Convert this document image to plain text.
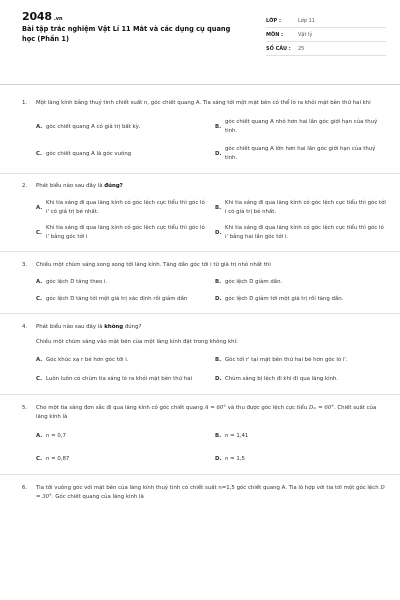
2048 .vn
Bài tập trắc nghiệm Vật Lí 11 Mắt và các dụng cụ quang học (Phần 1)
LỚP :	Lớp 11
MÔN :	Vật lý
SỐ CÂU :	25
1.	Một lăng kính bằng thuỷ tinh chiết suất n, góc chiết quang A. Tia sáng tới một mặt bên có thể ló ra khỏi mặt bên thứ hai khi
A. góc chiết quang A có giá trị bất kỳ.	B.
góc chiết quang A nhỏ hơn hai lần góc giới hạn của thuỷ tinh.
C. góc chiết quang A là góc vuông	D.
góc chiết quang A lớn hơn hai lần góc giới hạn của thuỷ tinh.
2.	Phát biểu nào sau đây là đúng?
A.
Khi tia sáng đi qua lăng kính có góc lệch cực tiểu thì góc ló i' có giá trị bé nhất.
B.
Khi tia sáng đi qua lăng kính có góc lệch cực tiểu thì góc tới i có giá trị bé nhất.
C.
Khi tia sáng đi qua lăng kính có góc lệch cực tiểu thì góc ló i' bằng góc tới i
D.
Khi tia sáng đi qua lăng kính có góc lệch cực tiểu thì góc ló i' bằng hai lần góc tới i.
3.	Chiếu một chùm sáng song song tới lăng kính. Tăng dần góc tới i từ giá trị nhỏ nhất thì
A. góc lệch D tăng theo i.	B. góc lệch D giảm dần.
C. góc lệch D tăng tới một giá trị xác định rồi giảm dần	D. góc lệch D giảm tới một giá trị rồi tăng dần.
4.	Phát biểu nào sau đây là không đúng?
Chiếu một chùm sáng vào mặt bên của một lăng kính đặt trong không khí:
A. Góc khúc xạ r bé hơn góc tới i.	B. Góc tới r' tại mặt bên thứ hai bé hơn góc ló i'.
C. Luôn luôn có chùm tia sáng ló ra khỏi mặt bên thứ hai	D. Chùm sáng bị lệch đi khi đi qua lăng kính.
5.	Cho một tia sáng đơn sắc đi qua lăng kính có góc chiết quang A = 60° và thu được góc lệch cực tiểu Dₘ = 60°. Chiết suất của lăng kính là
A. n = 0,7	B. n = 1,41
C. n = 0,87	D. n = 1,5
6.	Tia tới vuông góc với mặt bên của lăng kính thuỷ tinh có chiết suất n=1,5 góc chiết quang A. Tia ló hợp với tia tới một góc lệch D = 30°. Góc chiết quang của lăng kính là
